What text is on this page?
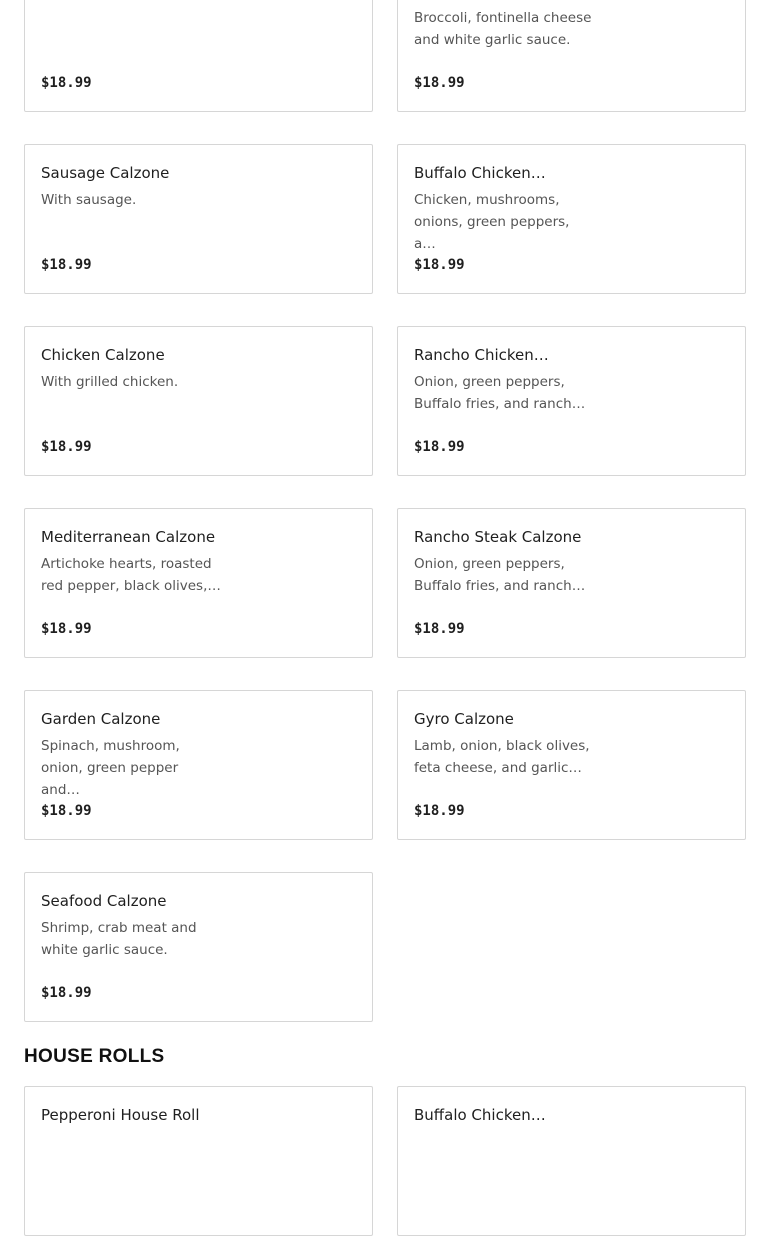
$18.99
Broccoli, fontinella cheese and white garlic sauce.
$18.99
Sausage Calzone
With sausage.
$18.99
Buffalo Chicken…
Chicken, mushrooms, onions, green peppers, a…
$18.99
Chicken Calzone
With grilled chicken.
$18.99
Rancho Chicken…
Onion, green peppers, Buffalo fries, and ranch…
$18.99
Mediterranean Calzone
Artichoke hearts, roasted red pepper, black olives,…
$18.99
Rancho Steak Calzone
Onion, green peppers, Buffalo fries, and ranch…
$18.99
Garden Calzone
Spinach, mushroom, onion, green pepper and…
$18.99
Gyro Calzone
Lamb, onion, black olives, feta cheese, and garlic…
$18.99
Seafood Calzone
Shrimp, crab meat and white garlic sauce.
$18.99
HOUSE ROLLS
Pepperoni House Roll	Buffalo Chicken…
